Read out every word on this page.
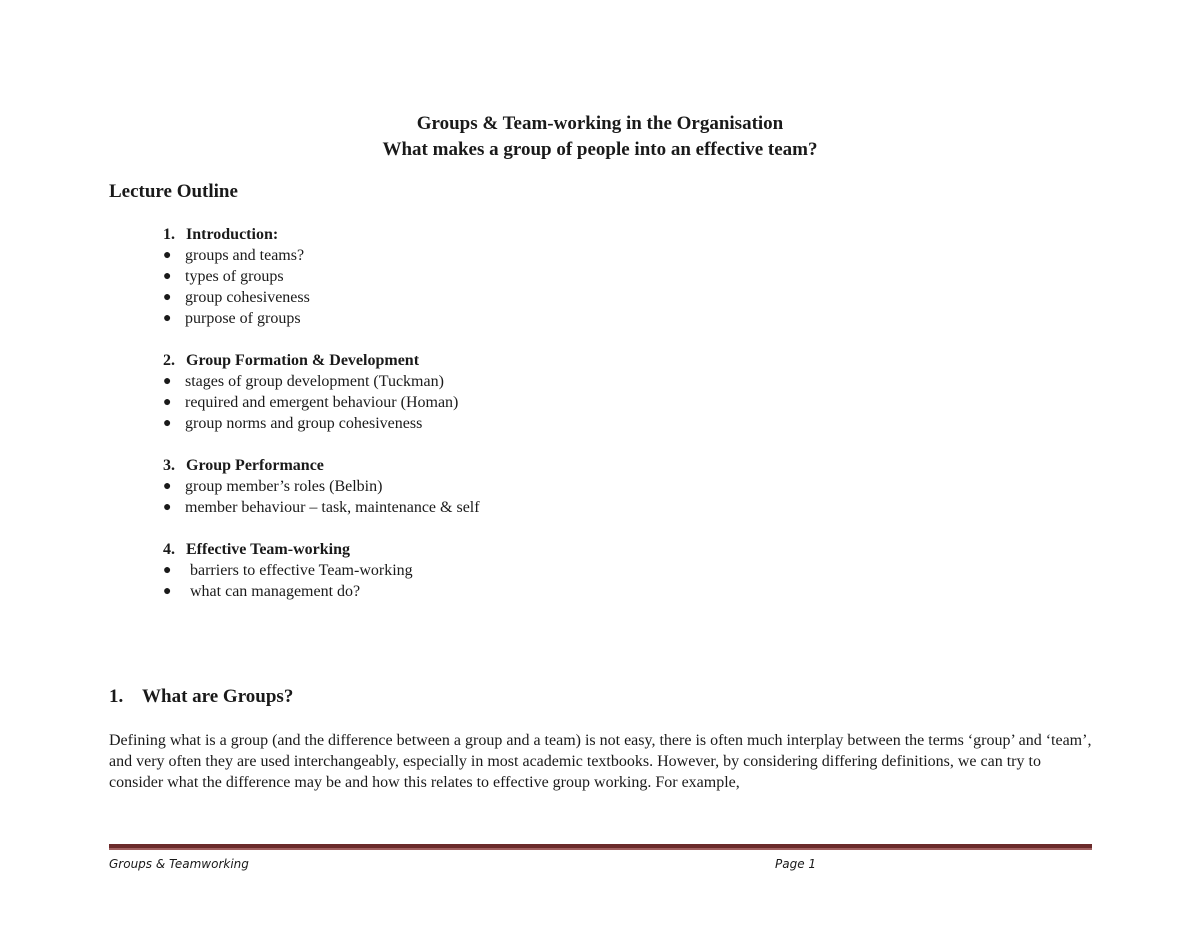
Groups & Team-working in the Organisation
What makes a group of people into an effective team?
Lecture Outline
1. Introduction:
● groups and teams?
● types of groups
● group cohesiveness
● purpose of groups
2. Group Formation & Development
● stages of group development (Tuckman)
● required and emergent behaviour (Homan)
● group norms and group cohesiveness
3. Group Performance
● group member’s roles (Belbin)
● member behaviour – task, maintenance & self
4. Effective Team-working
●	barriers to effective Team-working
●	what can management do?
1. What are Groups?
Defining what is a group (and the difference between a group and a team) is not easy, there is often much interplay between the terms ‘group’ and ‘team’, and very often they are used interchangeably, especially in most academic textbooks. However, by considering differing definitions, we can try to consider what the difference may be and how this relates to effective group working. For example,
Groups & Teamworking	Page 1
